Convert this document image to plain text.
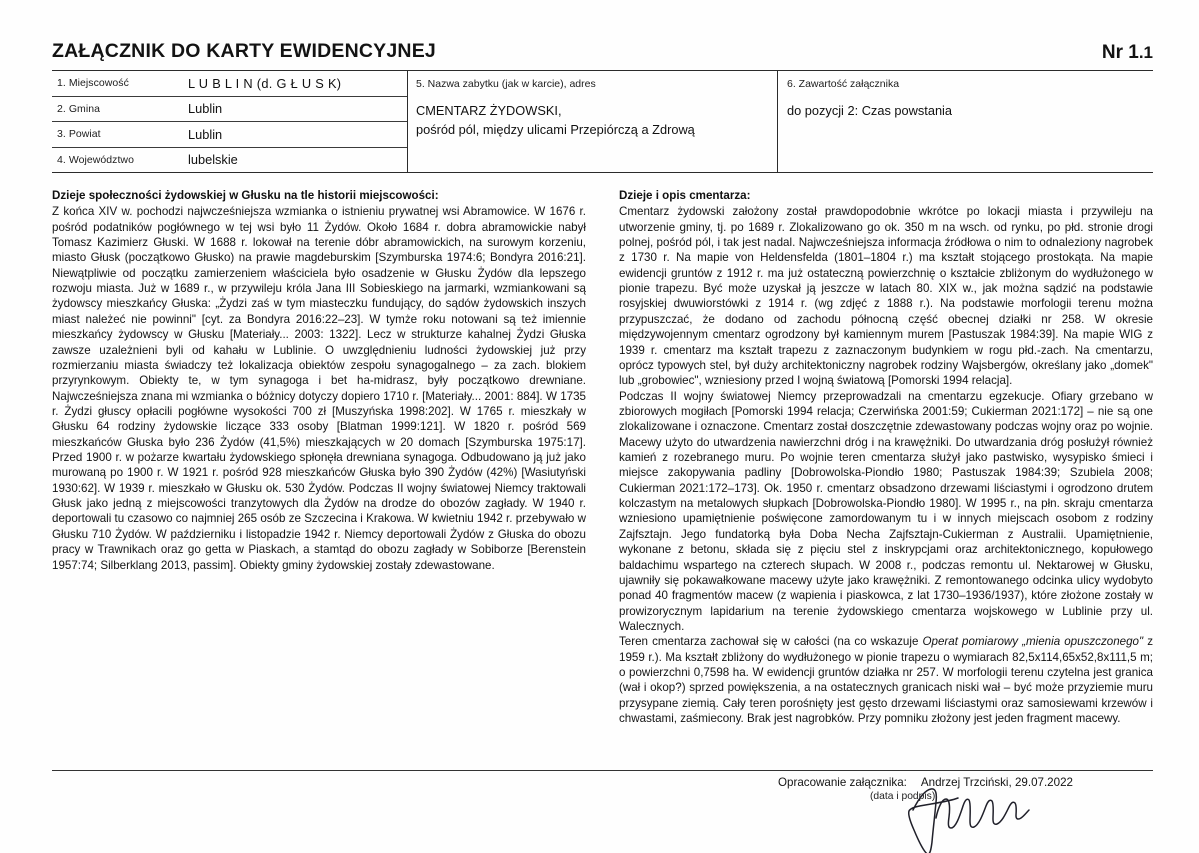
ZAŁĄCZNIK DO KARTY EWIDENCYJNEJ	Nr 1.1
1. Miejscowość	L U B L I N (d. G Ł U S K)
2. Gmina	Lublin
3. Powiat	Lublin
4. Województwo	lubelskie
5. Nazwa zabytku (jak w karcie), adres
CMENTARZ ŻYDOWSKI,
pośród pól, między ulicami Przepiórczą a Zdrową
6. Zawartość załącznika
do pozycji 2: Czas powstania
Dzieje społeczności żydowskiej w Głusku na tle historii miejscowości:

Z końca XIV w. pochodzi najwcześniejsza wzmianka o istnieniu prywatnej wsi Abramowice. W 1676 r. pośród podatników pogłównego w tej wsi było 11 Żydów. Około 1684 r. dobra abramowickie nabył Tomasz Kazimierz Głuski. W 1688 r. lokował na terenie dóbr abramowickich, na surowym korzeniu, miasto Głusk (początkowo Głusko) na prawie magdeburskim [Szymburska 1974:6; Bondyra 2016:21]. Niewątpliwie od początku zamierzeniem właściciela było osadzenie w Głusku Żydów dla lepszego rozwoju miasta. Już w 1689 r., w przywileju króla Jana III Sobieskiego na jarmarki, wzmiankowani są żydowscy mieszkańcy Głuska: „Żydzi zaś w tym miasteczku fundujący, do sądów żydowskich inszych miast należeć nie powinni" [cyt. za Bondyra 2016:22–23]. W tymże roku notowani są też imiennie mieszkańcy żydowscy w Głusku [Materiały... 2003: 1322]. Lecz w strukturze kahalnej Żydzi Głuska zawsze uzależnieni byli od kahału w Lublinie. O uwzględnieniu ludności żydowskiej już przy rozmierzaniu miasta świadczy też lokalizacja obiektów zespołu synagogalnego – za zach. blokiem przyrynkowym. Obiekty te, w tym synagoga i bet ha-midrasz, były początkowo drewniane. Najwcześniejsza znana mi wzmianka o bóżnicy dotyczy dopiero 1710 r. [Materiały... 2001: 884]. W 1735 r. Żydzi głuscy opłacili pogłówne wysokości 700 zł [Muszyńska 1998:202]. W 1765 r. mieszkały w Głusku 64 rodziny żydowskie liczące 333 osoby [Blatman 1999:121]. W 1820 r. pośród 569 mieszkańców Głuska było 236 Żydów (41,5%) mieszkających w 20 domach [Szymburska 1975:17]. Przed 1900 r. w pożarze kwartału żydowskiego spłonęła drewniana synagoga. Odbudowano ją już jako murowaną po 1900 r. W 1921 r. pośród 928 mieszkańców Głuska było 390 Żydów (42%) [Wasiutyński 1930:62]. W 1939 r. mieszkało w Głusku ok. 530 Żydów. Podczas II wojny światowej Niemcy traktowali Głusk jako jedną z miejscowości tranzytowych dla Żydów na drodze do obozów zagłady. W 1940 r. deportowali tu czasowo co najmniej 265 osób ze Szczecina i Krakowa. W kwietniu 1942 r. przebywało w Głusku 710 Żydów. W październiku i listopadzie 1942 r. Niemcy deportowali Żydów z Głuska do obozu pracy w Trawnikach oraz go getta w Piaskach, a stamtąd do obozu zagłady w Sobiborze [Berenstein 1957:74; Silberklang 2013, passim]. Obiekty gminy żydowskiej zostały zdewastowane.

Dzieje i opis cmentarza:

Cmentarz żydowski założony został prawdopodobnie wkrótce po lokacji miasta i przywileju na utworzenie gminy, tj. po 1689 r. Zlokalizowano go ok. 350 m na wsch. od rynku, po płd. stronie drogi polnej, pośród pól, i tak jest nadal. Najwcześniejsza informacja źródłowa o nim to odnaleziony nagrobek z 1730 r. Na mapie von Heldensfelda (1801–1804 r.) ma kształt stojącego prostokąta. Na mapie ewidencji gruntów z 1912 r. ma już ostateczną powierzchnię o kształcie zbliżonym do wydłużonego w pionie trapezu. Być może uzyskał ją jeszcze w latach 80. XIX w., jak można sądzić na podstawie rosyjskiej dwuwiorstówki z 1914 r. (wg zdjęć z 1888 r.). Na podstawie morfologii terenu można przypuszczać, że dodano od zachodu północną część obecnej działki nr 258. W okresie międzywojennym cmentarz ogrodzony był kamiennym murem [Pastuszak 1984:39]. Na mapie WIG z 1939 r. cmentarz ma kształt trapezu z zaznaczonym budynkiem w rogu płd.-zach. Na cmentarzu, oprócz typowych stel, był duży architektoniczny nagrobek rodziny Wajsbergów, określany jako „domek" lub „grobowiec", wzniesiony przed I wojną światową [Pomorski 1994 relacja].

Podczas II wojny światowej Niemcy przeprowadzali na cmentarzu egzekucje. Ofiary grzebano w zbiorowych mogiłach [Pomorski 1994 relacja; Czerwińska 2001:59; Cukierman 2021:172] – nie są one zlokalizowane i oznaczone. Cmentarz został doszczętnie zdewastowany podczas wojny oraz po wojnie. Macewy użyto do utwardzenia nawierzchni dróg i na krawężniki. Do utwardzania dróg posłużył również kamień z rozebranego muru. Po wojnie teren cmentarza służył jako pastwisko, wysypisko śmieci i miejsce zakopywania padliny [Dobrowolska-Piondło 1980; Pastuszak 1984:39; Szubiela 2008; Cukierman 2021:172–173]. Ok. 1950 r. cmentarz obsadzono drzewami liściastymi i ogrodzono drutem kolczastym na metalowych słupkach [Dobrowolska-Piondło 1980]. W 1995 r., na płn. skraju cmentarza wzniesiono upamiętnienie poświęcone zamordowanym tu i w innych miejscach osobom z rodziny Zajfsztajn. Jego fundatorką była Doba Necha Zajfsztajn-Cukierman z Australii. Upamiętnienie, wykonane z betonu, składa się z pięciu stel z inskrypcjami oraz architektonicznego, kopułowego baldachimu wspartego na czterech słupach. W 2008 r., podczas remontu ul. Nektarowej w Głusku, ujawniły się pokawałkowane macewy użyte jako krawężniki. Z remontowanego odcinka ulicy wydobyto ponad 40 fragmentów macew (z wapienia i piaskowca, z lat 1730–1936/1937), które złożone zostały w prowizorycznym lapidarium na terenie żydowskiego cmentarza wojskowego w Lublinie przy ul. Walecznych.

Teren cmentarza zachował się w całości (na co wskazuje Operat pomiarowy „mienia opuszczonego" z 1959 r.). Ma kształt zbliżony do wydłużonego w pionie trapezu o wymiarach 82,5x114,65x52,8x111,5 m; o powierzchni 0,7598 ha. W ewidencji gruntów działka nr 257. W morfologii terenu czytelna jest granica (wał i okop?) sprzed powiększenia, a na ostatecznych granicach niski wał – być może przyziemie muru przysypane ziemią. Cały teren porośnięty jest gęsto drzewami liściastymi oraz samosiewami krzewów i chwastami, zaśmiecony. Brak jest nagrobków. Przy pomniku złożony jest jeden fragment macewy.

Opracowanie załącznika: Andrzej Trzciński, 29.07.2022
(data i podpis)
